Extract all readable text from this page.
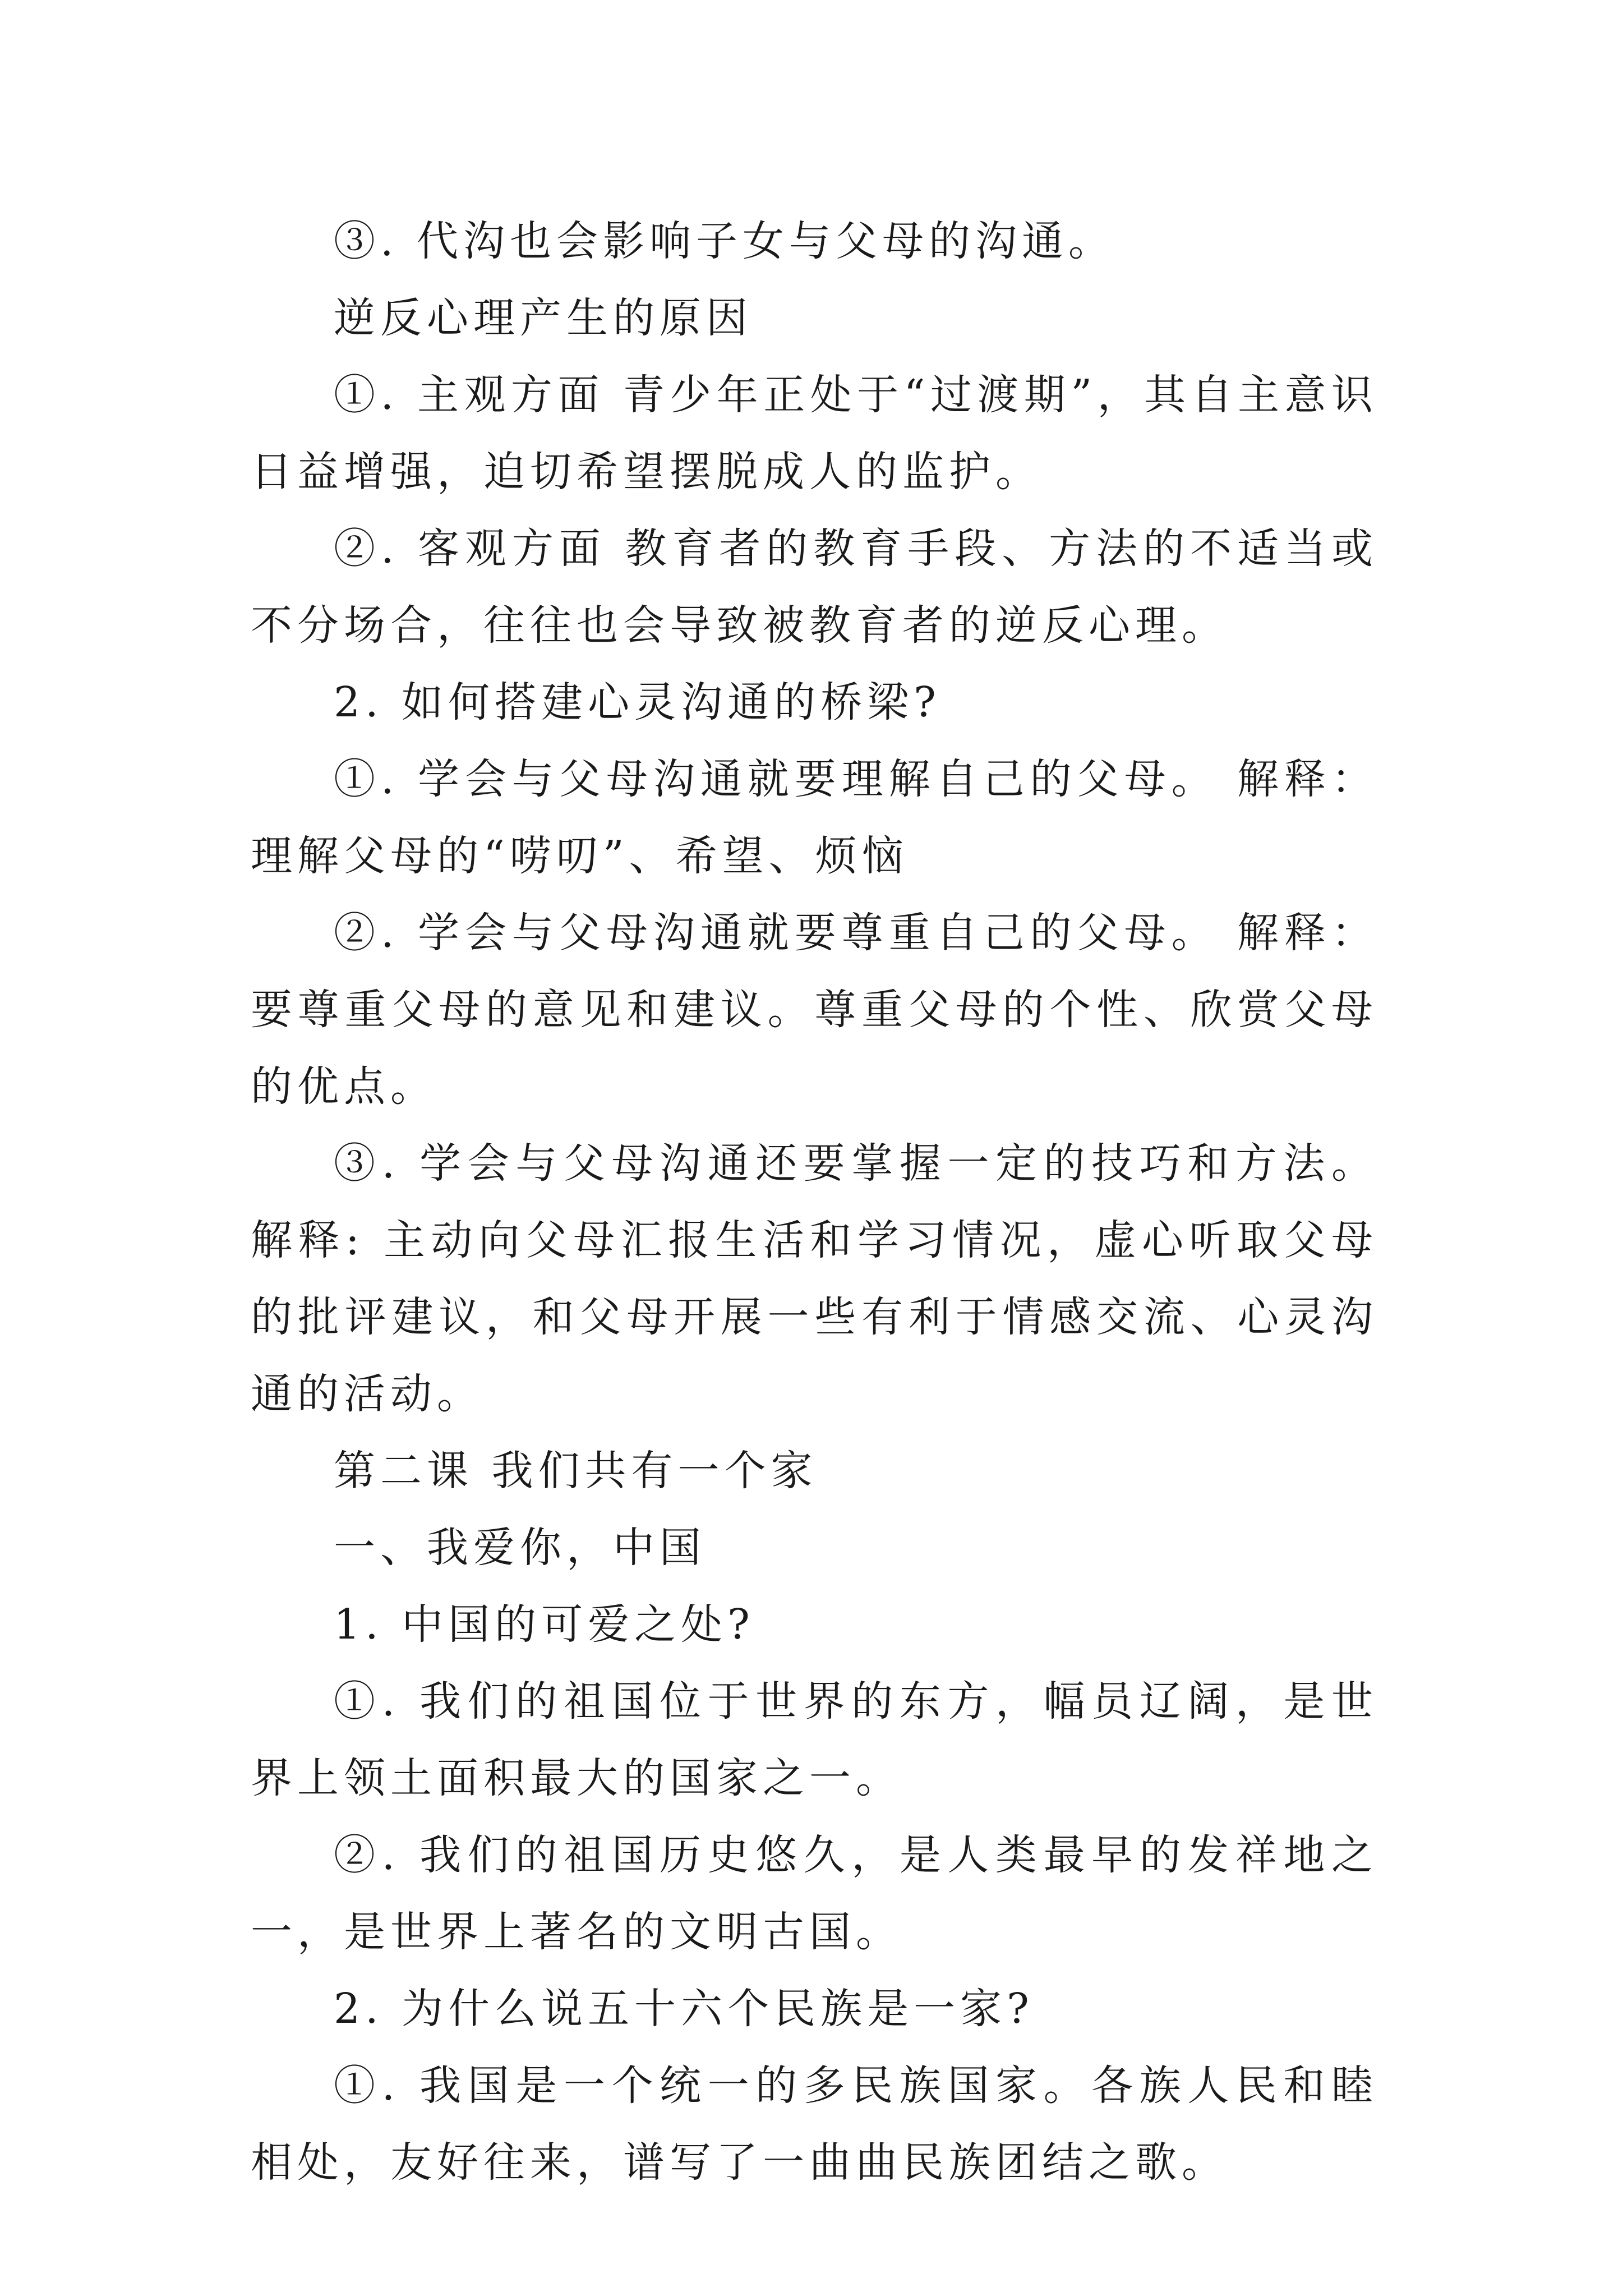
③. 代沟也会影响子女与父母的沟通。

逆反心理产生的原因

①. 主观方面 青少年正处于“过渡期”，其自主意识日益增强，迫切希望摆脱成人的监护。

②. 客观方面 教育者的教育手段、方法的不适当或不分场合，往往也会导致被教育者的逆反心理。

2. 如何搭建心灵沟通的桥梁?

①. 学会与父母沟通就要理解自己的父母。 解释：理解父母的“唠叨”、希望、烦恼

②. 学会与父母沟通就要尊重自己的父母。 解释：要尊重父母的意见和建议。尊重父母的个性、欣赏父母的优点。

③. 学会与父母沟通还要掌握一定的技巧和方法。 解释: 主动向父母汇报生活和学习情况，虚心听取父母的批评建议，和父母开展一些有利于情感交流、心灵沟通的活动。

第二课 我们共有一个家

一、我爱你，中国

1. 中国的可爱之处?

①. 我们的祖国位于世界的东方，幅员辽阔，是世界上领土面积最大的国家之一。

②. 我们的祖国历史悠久，是人类最早的发祥地之一，是世界上著名的文明古国。

2. 为什么说五十六个民族是一家?

①. 我国是一个统一的多民族国家。各族人民和睦相处，友好往来，谱写了一曲曲民族团结之歌。
